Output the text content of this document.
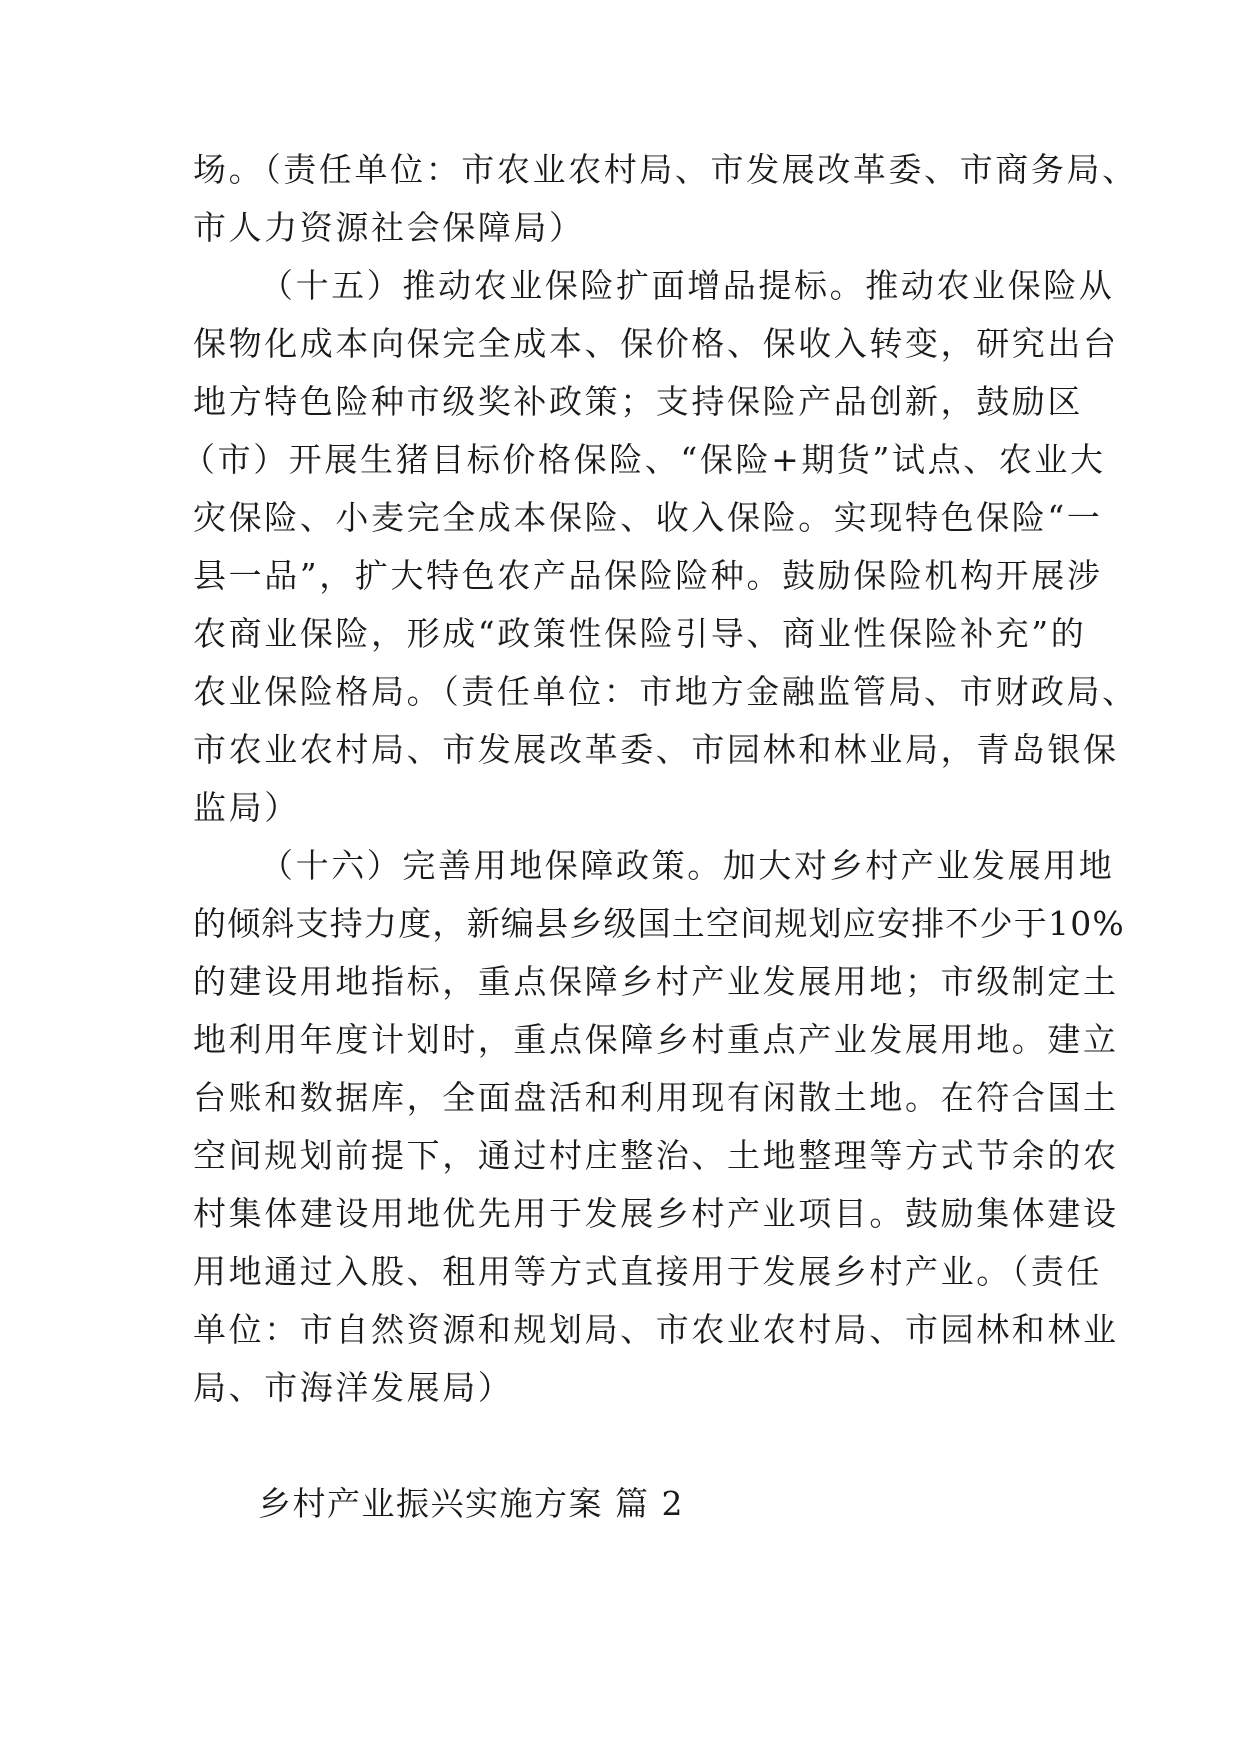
场。（责任单位：市农业农村局、市发展改革委、市商务局、
市人力资源社会保障局）
（十五）推动农业保险扩面增品提标。推动农业保险从
保物化成本向保完全成本、保价格、保收入转变，研究出台
地方特色险种市级奖补政策；支持保险产品创新，鼓励区
（市）开展生猪目标价格保险、“保险+期货”试点、农业大
灾保险、小麦完全成本保险、收入保险。实现特色保险“一
县一品”，扩大特色农产品保险险种。鼓励保险机构开展涉
农商业保险，形成“政策性保险引导、商业性保险补充”的
农业保险格局。（责任单位：市地方金融监管局、市财政局、
市农业农村局、市发展改革委、市园林和林业局，青岛银保
监局）
（十六）完善用地保障政策。加大对乡村产业发展用地
的倾斜支持力度，新编县乡级国土空间规划应安排不少于10%
的建设用地指标，重点保障乡村产业发展用地；市级制定土
地利用年度计划时，重点保障乡村重点产业发展用地。建立
台账和数据库，全面盘活和利用现有闲散土地。在符合国土
空间规划前提下，通过村庄整治、土地整理等方式节余的农
村集体建设用地优先用于发展乡村产业项目。鼓励集体建设
用地通过入股、租用等方式直接用于发展乡村产业。（责任
单位：市自然资源和规划局、市农业农村局、市园林和林业
局、市海洋发展局）
乡村产业振兴实施方案 篇 2
